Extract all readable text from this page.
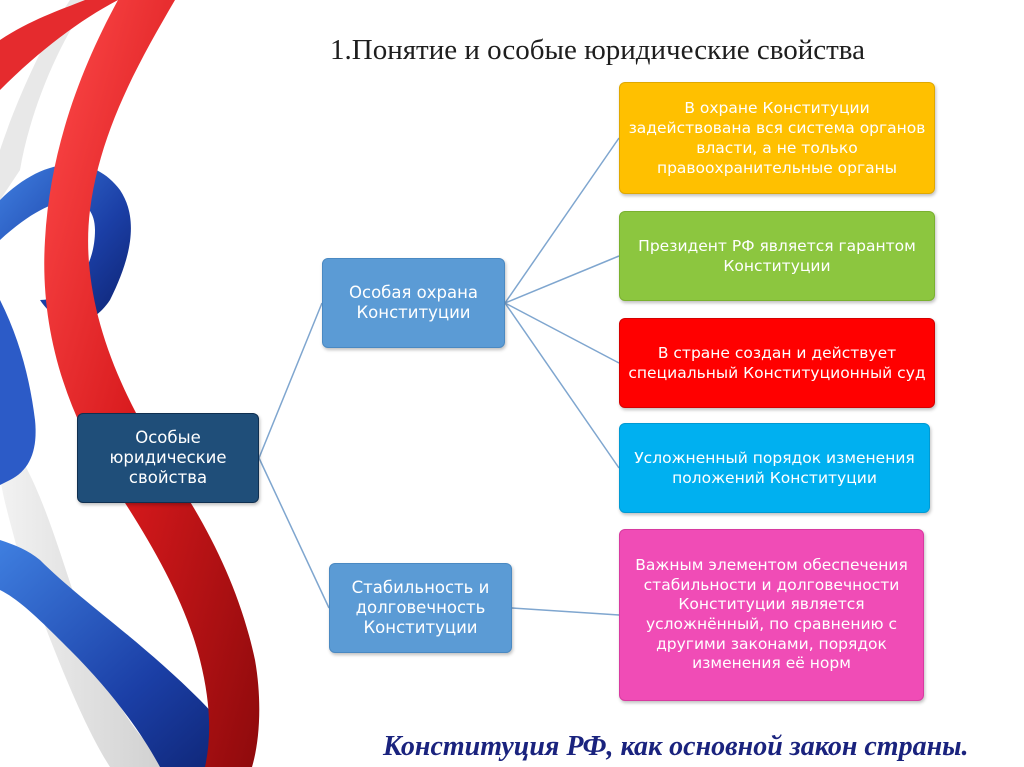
1.Понятие и особые юридические свойства
Особые юридические свойства
Особая охрана Конституции
Стабильность и долговечность Конституции
В охране Конституции задействована вся система органов власти, а не только правоохранительные органы
Президент РФ является гарантом Конституции
В стране создан и действует специальный Конституционный суд
Усложненный порядок изменения положений Конституции
Важным элементом обеспечения стабильности и долговечности Конституции является усложнённый, по сравнению с другими законами, порядок изменения её норм
Конституция РФ, как основной закон страны.
